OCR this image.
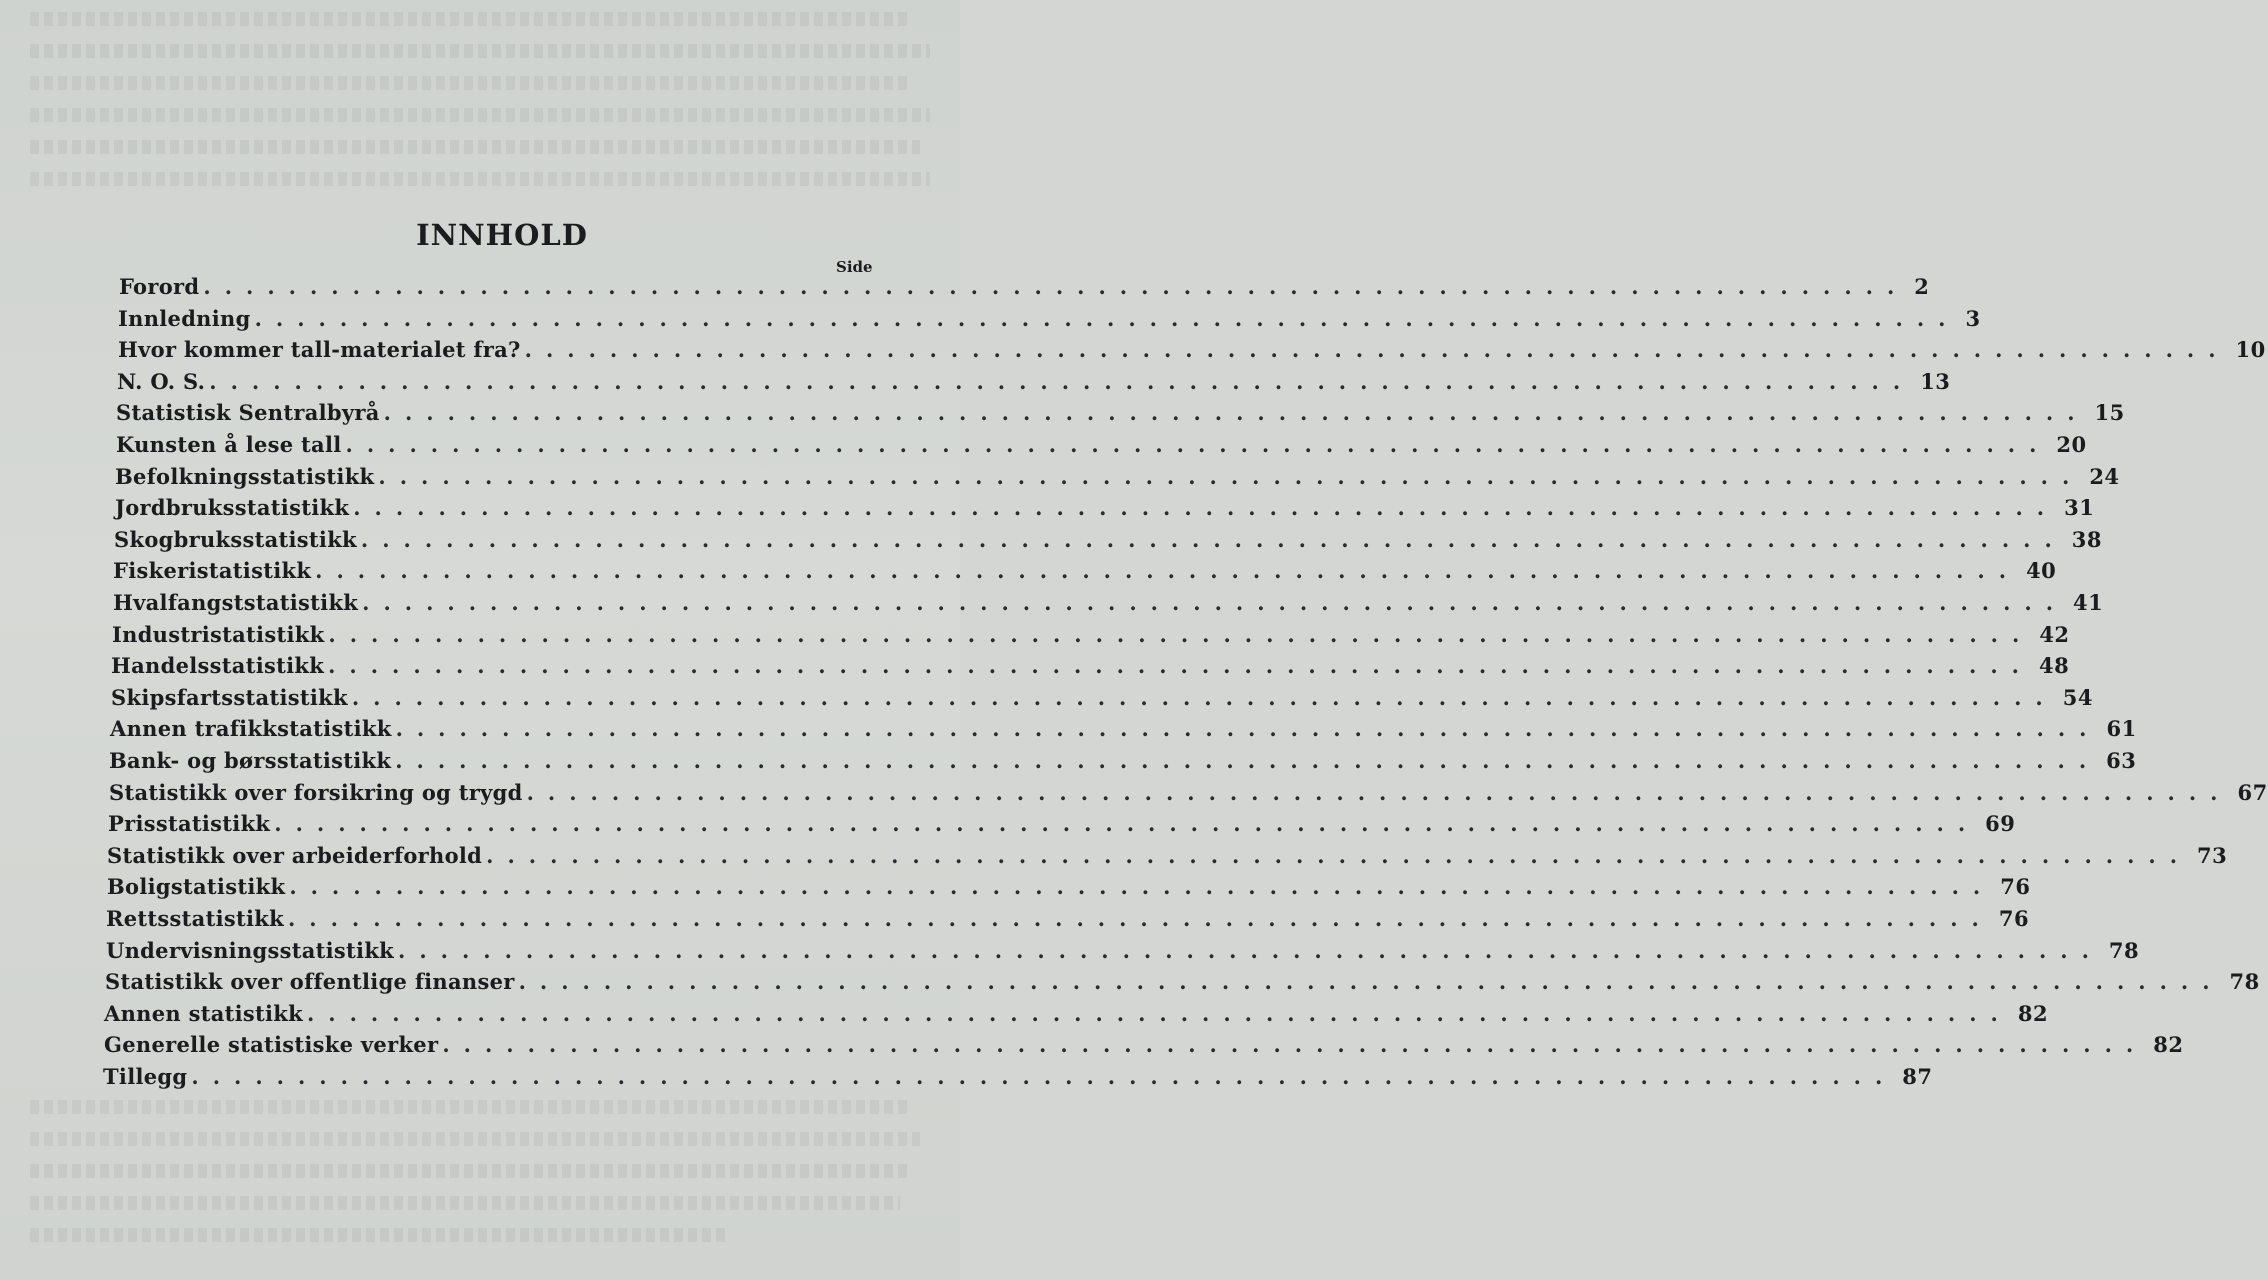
INNHOLD
Side
Forord ................................................................................ 2
Innledning ................................................................................ 3
Hvor kommer tall-materialet fra? ................................................................................ 10
N. O. S. ................................................................................ 13
Statistisk Sentralbyrå ................................................................................ 15
Kunsten å lese tall ................................................................................ 20
Befolkningsstatistikk ................................................................................ 24
Jordbruksstatistikk ................................................................................ 31
Skogbruksstatistikk ................................................................................ 38
Fiskeristatistikk ................................................................................ 40
Hvalfangststatistikk ................................................................................ 41
Industristatistikk ................................................................................ 42
Handelsstatistikk ................................................................................ 48
Skipsfartsstatistikk ................................................................................ 54
Annen trafikkstatistikk ................................................................................ 61
Bank- og børsstatistikk ................................................................................ 63
Statistikk over forsikring og trygd ................................................................................ 67
Prisstatistikk ................................................................................ 69
Statistikk over arbeiderforhold ................................................................................ 73
Boligstatistikk ................................................................................ 76
Rettsstatistikk ................................................................................ 76
Undervisningsstatistikk ................................................................................ 78
Statistikk over offentlige finanser ................................................................................ 78
Annen statistikk ................................................................................ 82
Generelle statistiske verker ................................................................................ 82
Tillegg ................................................................................ 87
